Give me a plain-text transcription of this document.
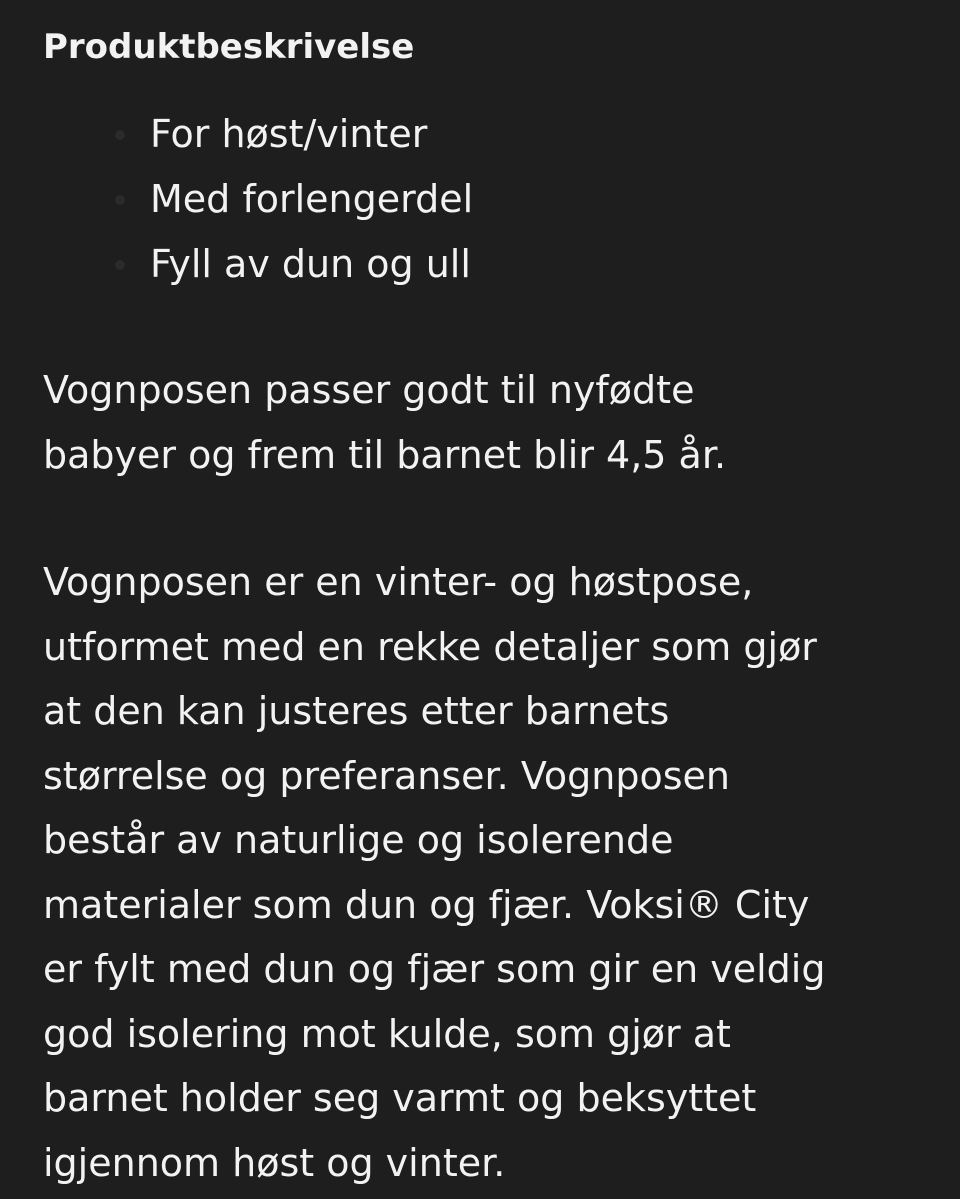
Produktbeskrivelse
For høst/vinter
Med forlengerdel
Fyll av dun og ull

Vognposen passer godt til nyfødte
babyer og frem til barnet blir 4,5 år.

Vognposen er en vinter- og høstpose,
utformet med en rekke detaljer som gjør
at den kan justeres etter barnets
størrelse og preferanser. Vognposen
består av naturlige og isolerende
materialer som dun og fjær. Voksi® City
er fylt med dun og fjær som gir en veldig
god isolering mot kulde, som gjør at
barnet holder seg varmt og beksyttet
igjennom høst og vinter.
